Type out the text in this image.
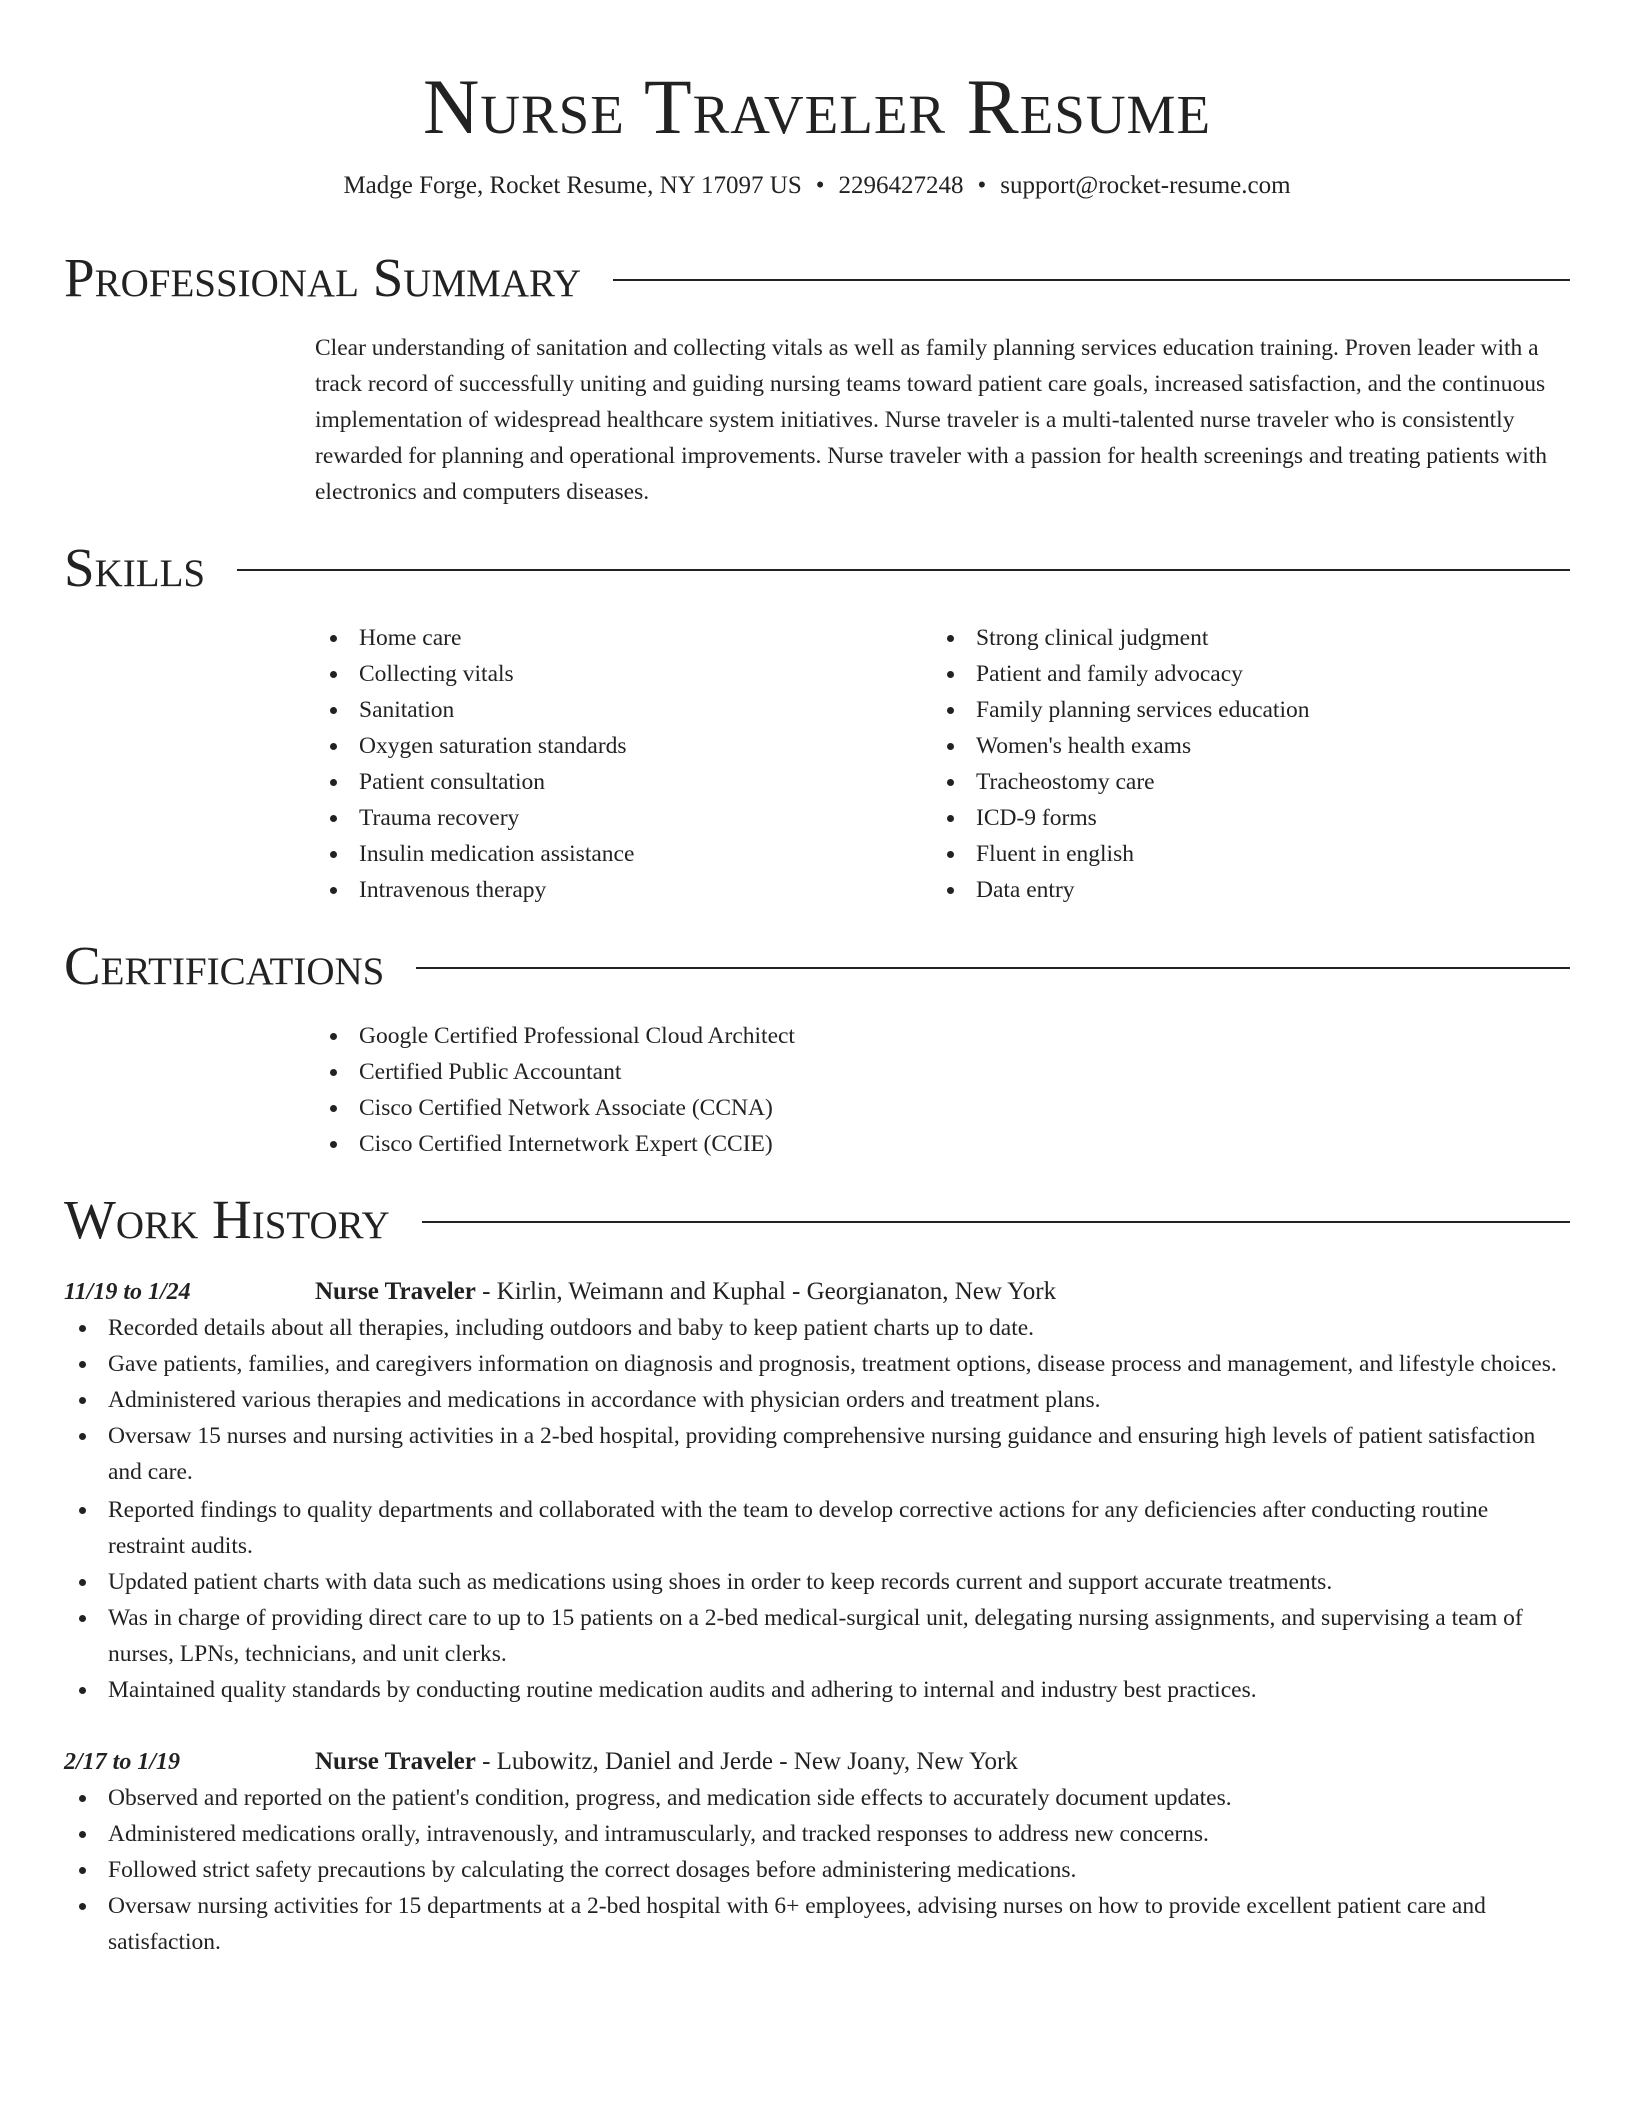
Nurse Traveler Resume
Madge Forge, Rocket Resume, NY 17097 US • 2296427248 • support@rocket-resume.com
Professional Summary
Clear understanding of sanitation and collecting vitals as well as family planning services education training. Proven leader with a track record of successfully uniting and guiding nursing teams toward patient care goals, increased satisfaction, and the continuous implementation of widespread healthcare system initiatives. Nurse traveler is a multi-talented nurse traveler who is consistently rewarded for planning and operational improvements. Nurse traveler with a passion for health screenings and treating patients with electronics and computers diseases.
Skills
Home care
Collecting vitals
Sanitation
Oxygen saturation standards
Patient consultation
Trauma recovery
Insulin medication assistance
Intravenous therapy
Strong clinical judgment
Patient and family advocacy
Family planning services education
Women's health exams
Tracheostomy care
ICD-9 forms
Fluent in english
Data entry
Certifications
Google Certified Professional Cloud Architect
Certified Public Accountant
Cisco Certified Network Associate (CCNA)
Cisco Certified Internetwork Expert (CCIE)
Work History
11/19 to 1/24	Nurse Traveler - Kirlin, Weimann and Kuphal - Georgianaton, New York
Recorded details about all therapies, including outdoors and baby to keep patient charts up to date.
Gave patients, families, and caregivers information on diagnosis and prognosis, treatment options, disease process and management, and lifestyle choices.
Administered various therapies and medications in accordance with physician orders and treatment plans.
Oversaw 15 nurses and nursing activities in a 2-bed hospital, providing comprehensive nursing guidance and ensuring high levels of patient satisfaction and care.
Reported findings to quality departments and collaborated with the team to develop corrective actions for any deficiencies after conducting routine restraint audits.
Updated patient charts with data such as medications using shoes in order to keep records current and support accurate treatments.
Was in charge of providing direct care to up to 15 patients on a 2-bed medical-surgical unit, delegating nursing assignments, and supervising a team of nurses, LPNs, technicians, and unit clerks.
Maintained quality standards by conducting routine medication audits and adhering to internal and industry best practices.
2/17 to 1/19	Nurse Traveler - Lubowitz, Daniel and Jerde - New Joany, New York
Observed and reported on the patient's condition, progress, and medication side effects to accurately document updates.
Administered medications orally, intravenously, and intramuscularly, and tracked responses to address new concerns.
Followed strict safety precautions by calculating the correct dosages before administering medications.
Oversaw nursing activities for 15 departments at a 2-bed hospital with 6+ employees, advising nurses on how to provide excellent patient care and satisfaction.
